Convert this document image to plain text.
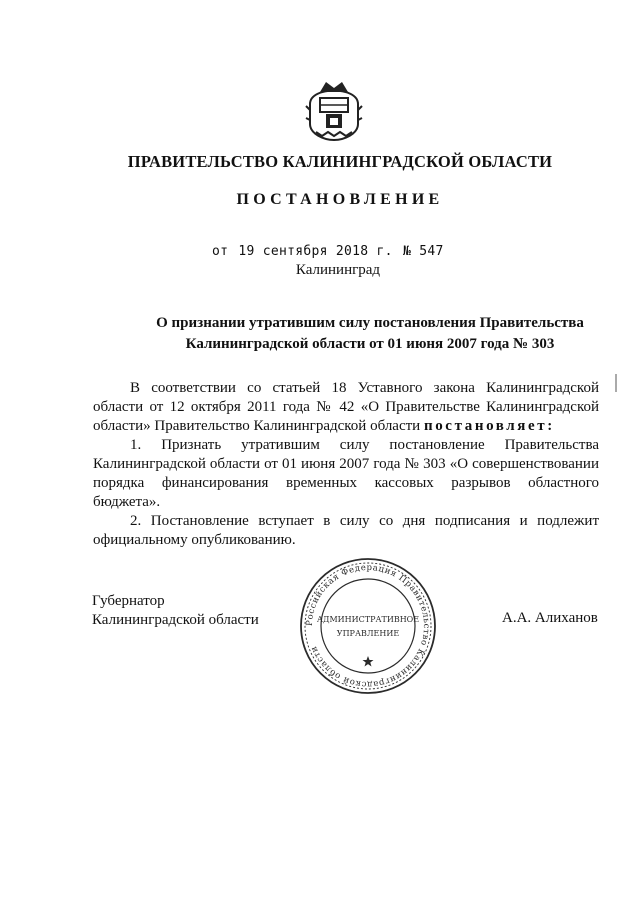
ПРАВИТЕЛЬСТВО КАЛИНИНГРАДСКОЙ ОБЛАСТИ
ПОСТАНОВЛЕНИЕ
от 19 сентября 2018 г. № 547
Калининград
О признании утратившим силу постановления Правительства
Калининградской области от 01 июня 2007 года № 303

В соответствии со статьей 18 Уставного закона Калининградской области от 12 октября 2011 года № 42 «О Правительстве Калининградской области» Правительство Калининградской области постановляет:

1. Признать утратившим силу постановление Правительства Калининградской области от 01 июня 2007 года № 303 «О совершенствовании порядка финансирования временных кассовых разрывов областного бюджета».

2. Постановление вступает в силу со дня подписания и подлежит официальному опубликованию.

Губернатор
Калининградской области	А.А. Алиханов
Российская Федерация Правительство Калининградской области
АДМИНИСТРАТИВНОЕ
УПРАВЛЕНИЕ
